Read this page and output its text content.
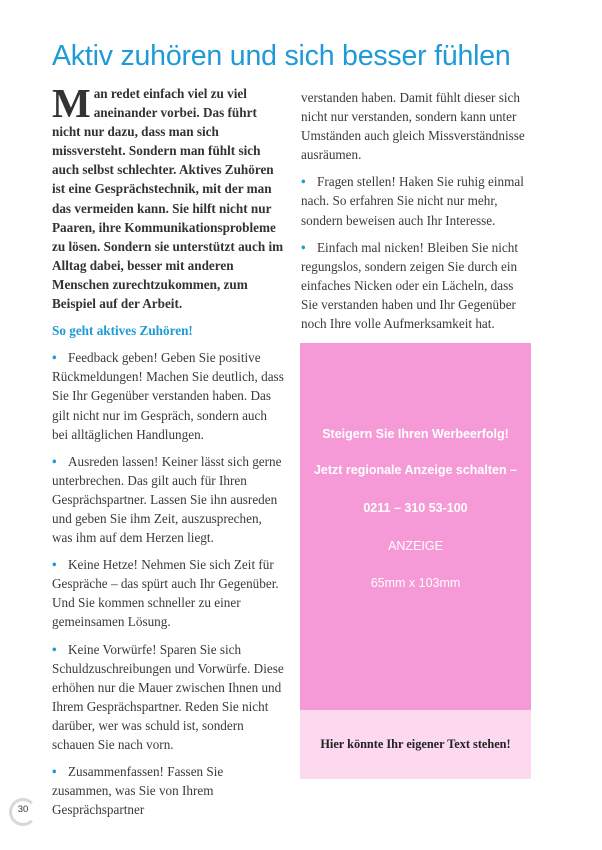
Aktiv zuhören und sich besser fühlen

Man redet einfach viel zu viel aneinander vorbei. Das führt nicht nur dazu, dass man sich missversteht. Sondern man fühlt sich auch selbst schlechter. Aktives Zuhören ist eine Gesprächstechnik, mit der man das vermeiden kann. Sie hilft nicht nur Paaren, ihre Kommunikationsprobleme zu lösen. Sondern sie unterstützt auch im Alltag dabei, besser mit anderen Menschen zurechtzukommen, zum Beispiel auf der Arbeit.

So geht aktives Zuhören!

• Feedback geben! Geben Sie positive Rückmeldungen! Machen Sie deutlich, dass Sie Ihr Gegenüber verstanden haben. Das gilt nicht nur im Gespräch, sondern auch bei alltäglichen Handlungen.

• Ausreden lassen! Keiner lässt sich gerne unterbrechen. Das gilt auch für Ihren Gesprächspartner. Lassen Sie ihn ausreden und geben Sie ihm Zeit, auszusprechen, was ihm auf dem Herzen liegt.

• Keine Hetze! Nehmen Sie sich Zeit für Gespräche – das spürt auch Ihr Gegenüber. Und Sie kommen schneller zu einer gemeinsamen Lösung.

• Keine Vorwürfe! Sparen Sie sich Schuldzuschreibungen und Vorwürfe. Diese erhöhen nur die Mauer zwischen Ihnen und Ihrem Gesprächspartner. Reden Sie nicht darüber, wer was schuld ist, sondern schauen Sie nach vorn.

• Zusammenfassen! Fassen Sie zusammen, was Sie von Ihrem Gesprächspartner

verstanden haben. Damit fühlt dieser sich nicht nur verstanden, sondern kann unter Umständen auch gleich Missverständnisse ausräumen.

• Fragen stellen! Haken Sie ruhig einmal nach. So erfahren Sie nicht nur mehr, sondern beweisen auch Ihr Interesse.

• Einfach mal nicken! Bleiben Sie nicht regungslos, sondern zeigen Sie durch ein einfaches Nicken oder ein Lächeln, dass Sie verstanden haben und Ihr Gegenüber noch Ihre volle Aufmerksamkeit hat.

Steigern Sie Ihren Werbeerfolg!
Jetzt regionale Anzeige schalten –
0211 – 310 53-100
ANZEIGE
65mm x 103mm
Hier könnte Ihr eigener Text stehen!
30
